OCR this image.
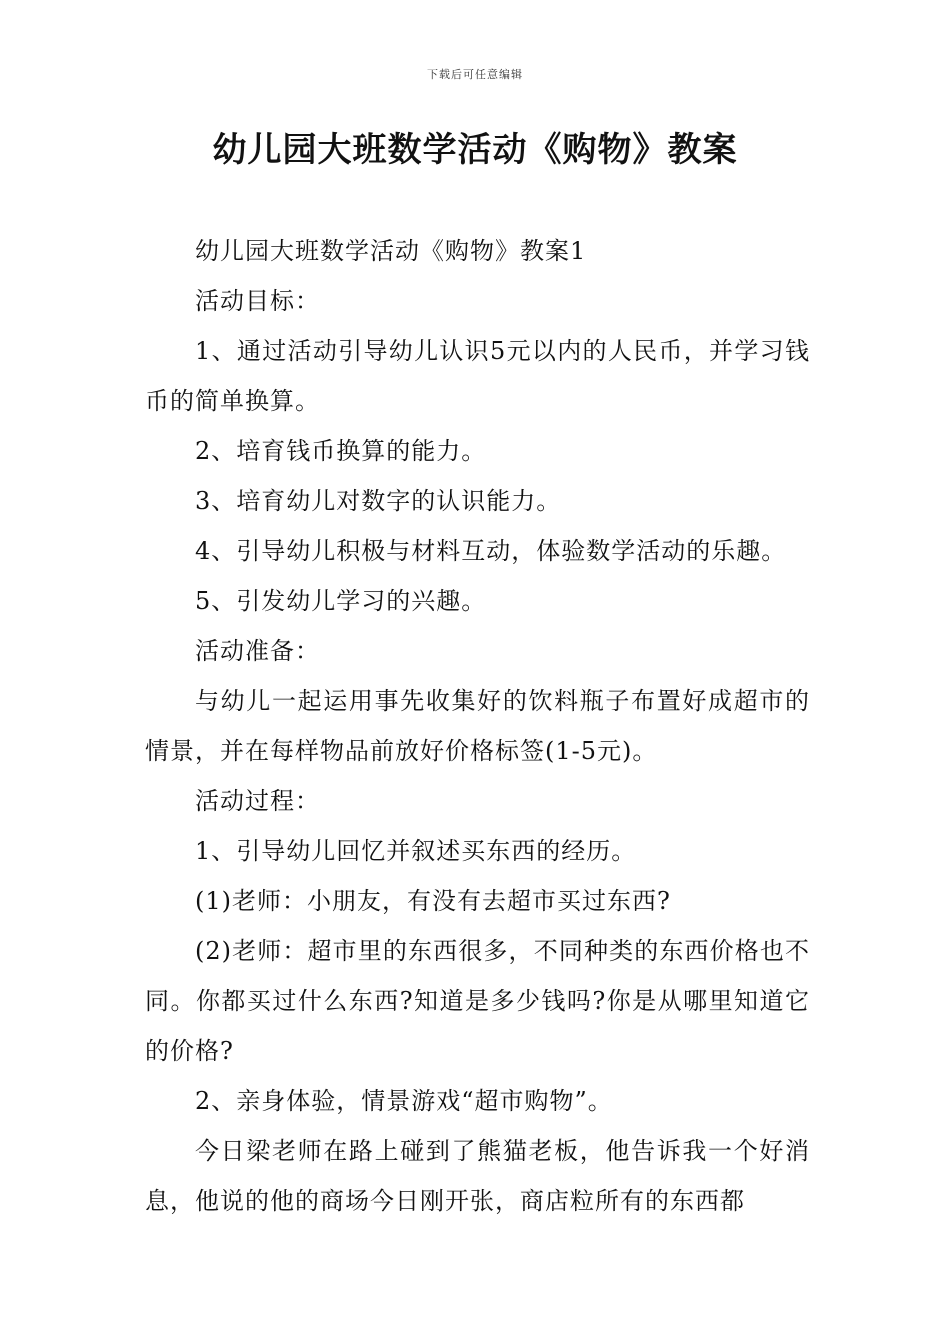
下载后可任意编辑
幼儿园大班数学活动《购物》教案

幼儿园大班数学活动《购物》教案1

活动目标：

1、通过活动引导幼儿认识5元以内的人民币，并学习钱币的简单换算。

2、培育钱币换算的能力。

3、培育幼儿对数字的认识能力。

4、引导幼儿积极与材料互动，体验数学活动的乐趣。

5、引发幼儿学习的兴趣。

活动准备：

与幼儿一起运用事先收集好的饮料瓶子布置好成超市的情景，并在每样物品前放好价格标签(1-5元)。

活动过程：

1、引导幼儿回忆并叙述买东西的经历。

(1)老师：小朋友，有没有去超市买过东西?

(2)老师：超市里的东西很多，不同种类的东西价格也不同。你都买过什么东西?知道是多少钱吗?你是从哪里知道它的价格?

2、亲身体验，情景游戏“超市购物”。

今日梁老师在路上碰到了熊猫老板，他告诉我一个好消息，他说的他的商场今日刚开张，商店粒所有的东西都
